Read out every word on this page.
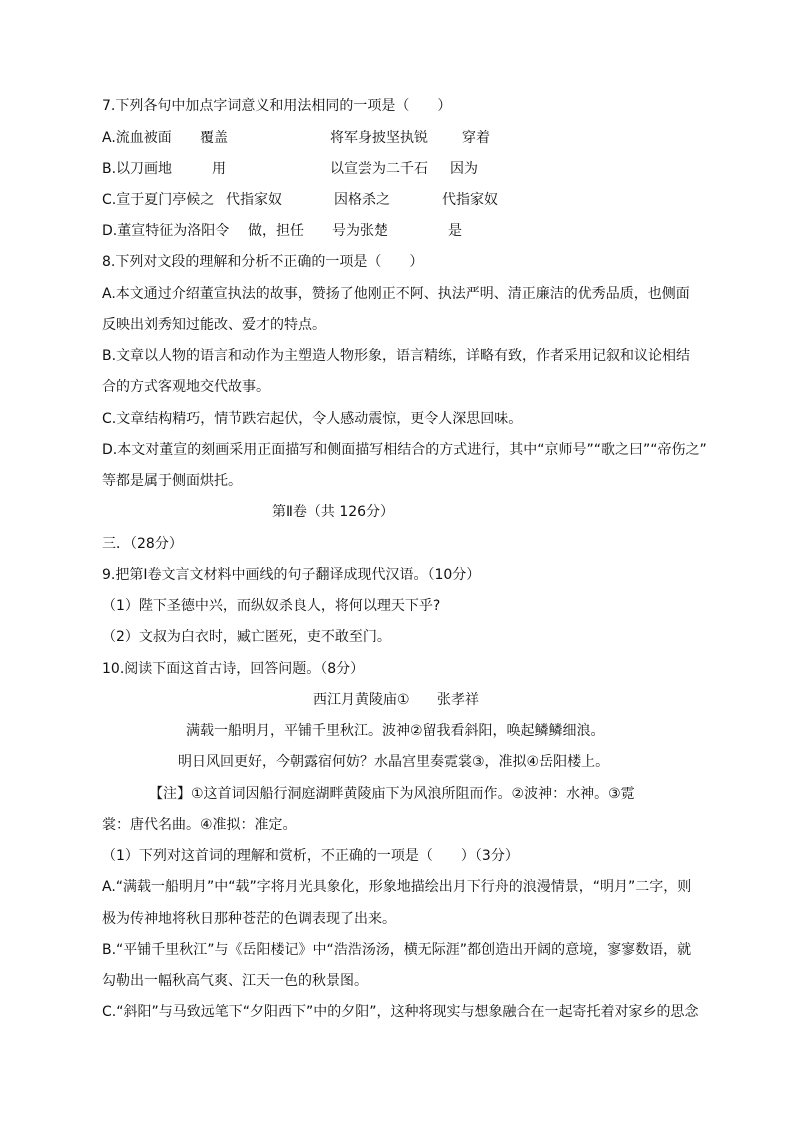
7.下列各句中加点字词意义和用法相同的一项是（　　）
A.流血被面 覆盖	将军身披坚执锐 穿着
B.以刀画地	用	以宣尝为二千石 因为
C.宣于夏门亭候之 代指家奴	因格杀之	代指家奴
D.董宣特征为洛阳令 做，担任 号为张楚	是
8.下列对文段的理解和分析不正确的一项是（　　）
A.本文通过介绍董宣执法的故事，赞扬了他刚正不阿、执法严明、清正廉洁的优秀品质，也侧面
反映出刘秀知过能改、爱才的特点。
B.文章以人物的语言和动作为主塑造人物形象，语言精练，详略有致，作者采用记叙和议论相结
合的方式客观地交代故事。
C.文章结构精巧，情节跌宕起伏，令人感动震惊，更令人深思回味。
D.本文对董宣的刻画采用正面描写和侧面描写相结合的方式进行，其中“京师号”“歌之曰”“帝伤之”
等都是属于侧面烘托。
第Ⅱ卷（共 126分）
三．（28分）
9.把第Ⅰ卷文言文材料中画线的句子翻译成现代汉语。（10分）
（1）陛下圣德中兴，而纵奴杀良人，将何以理天下乎?
（2）文叔为白衣时，臧亡匿死，吏不敢至门。
10.阅读下面这首古诗，回答问题。（8分）
西江月黄陵庙① 张孝祥
满载一船明月，平铺千里秋江。波神②留我看斜阳，唤起鳞鳞细浪。
明日风回更好，今朝露宿何妨？水晶宫里奏霓裳③，准拟④岳阳楼上。
【注】①这首词因船行洞庭湖畔黄陵庙下为风浪所阻而作。②波神：水神。③霓
裳：唐代名曲。④准拟：准定。
（1）下列对这首词的理解和赏析，不正确的一项是（　　）（3分）
A.“满载一船明月”中“载”字将月光具象化，形象地描绘出月下行舟的浪漫情景，“明月”二字，则
极为传神地将秋日那种苍茫的色调表现了出来。
B.“平铺千里秋江”与《岳阳楼记》中“浩浩汤汤，横无际涯”都创造出开阔的意境，寥寥数语，就
勾勒出一幅秋高气爽、江天一色的秋景图。
C.“斜阳”与马致远笔下“夕阳西下”中的夕阳”，这种将现实与想象融合在一起寄托着对家乡的思念
